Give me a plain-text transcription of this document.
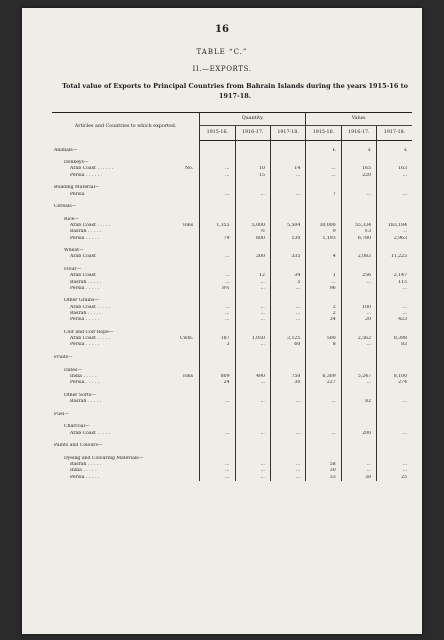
16
TABLE “C.”
II.—EXPORTS.
Total value of Exports to Principal Countries from Bahrain Islands during the years 1915-16 to 1917-18.
Articles and Countries to which exported.	Quantity.			Value.		
	1915-16.	1916-17.	1917-18.	1915-16.	1916-17.	1917-18.

Animals—				£	£	£

Donkeys—						
Arab Coast . . . . . . No.	...	10	14	...	165	163
Persia . . . . . .	...	15	...	...	220	...

Building Material—						
Persia	...	...	...	7	...	...

Cereals—						

Rice—						
Arab Coast . . . . . Tons	1,355	5,000	5,504	30,000	55,334	183,184
Basrah . . . . .		½		9	×3	...
Persia . . . . .	79	600	130	1,193	6,780	2,963

Wheat—						
Arab Coast	...	200	335	4	2,083	11,225

Flour—						
Arab Coast	...	12	34	1	256	2,147
Basrah . . . . .	...	...	5	...	...	115
Persia . . . . .	8½	...	...	96		...

Other Grains—						
Arab Coast . . . . .	...	...	...	2	100	...
Basrah . . . . .	...	...	...	2	...	...
Persia . . . . .	...	...	...	34	20	423

Coir and Coir Rope—						
Arab Coast . . . . . Cwts.	187	1,050	3,125	500	2,562	8,398
Persia . . . . .	3	...	60	8	...	83

Fruits—						

Dates—						
India . . . . . Tons	809	490	750	6,309	5,247	8,100
Persia . . . . .	24	...	30	227	...	274

Other Sorts—						
Basrah . . . . .	...	...	...	...	82	...

Fuel—						

Charcoal—						
Arab Coast . . . . .	...	...	...	...	200	...

Paints and Colours—						

Dyeing and Colouring Materials—						
Basrah . . . . .	...	...	...	58	...	...
India . . . . .	...	...	...	30	...	...
Persia . . . . .	...	...	...	33	38	25
